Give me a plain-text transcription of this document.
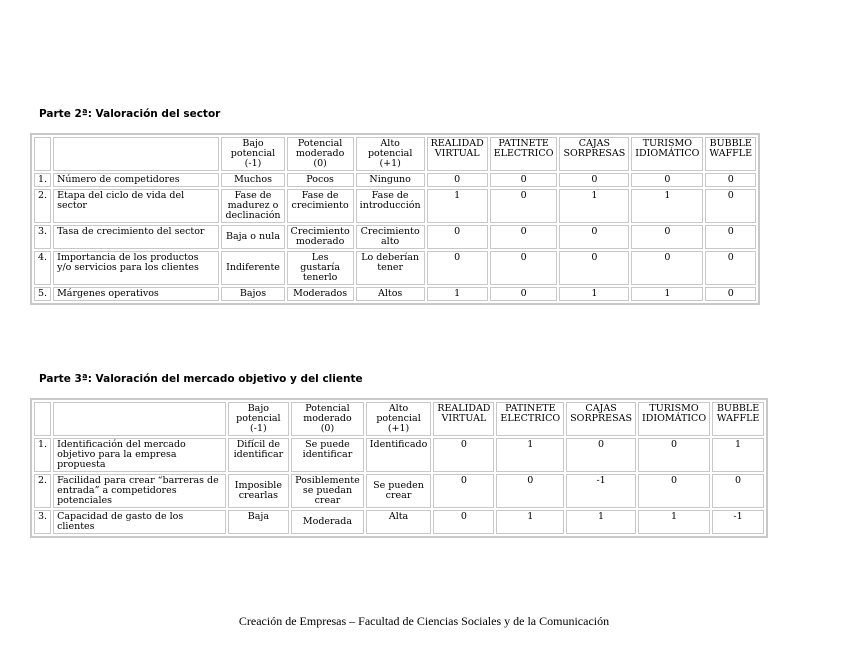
Parte 2ª: Valoración del sector
		Bajo potencial (-1)	Potencial moderado (0)	Alto potencial (+1)	REALIDAD VIRTUAL	PATINETE ELECTRICO	CAJAS SORPRESAS	TURISMO IDIOMÁTICO	BUBBLE WAFFLE
1.	Número de competidores	Muchos	Pocos	Ninguno	0	0	0	0	0
2.	Etapa del ciclo de vida del sector	Fase de madurez o declinación	Fase de crecimiento	Fase de introducción	1	0	1	1	0
3.	Tasa de crecimiento del sector	Baja o nula	Crecimiento moderado	Crecimiento alto	0	0	0	0	0
4.	Importancia de los productos y/o servicios para los clientes	Indiferente	Les gustaría tenerlo	Lo deberían tener	0	0	0	0	0
5.	Márgenes operativos	Bajos	Moderados	Altos	1	0	1	1	0
Parte 3ª: Valoración del mercado objetivo y del cliente
		Bajo potencial (-1)	Potencial moderado (0)	Alto potencial (+1)	REALIDAD VIRTUAL	PATINETE ELECTRICO	CAJAS SORPRESAS	TURISMO IDIOMÁTICO	BUBBLE WAFFLE
1.	Identificación del mercado objetivo para la empresa propuesta	Difícil de identificar	Se puede identificar	Identificado	0	1	0	0	1
2.	Facilidad para crear “barreras de entrada” a competidores potenciales	Imposible crearlas	Posiblemente se puedan crear	Se pueden crear	0	0	-1	0	0
3.	Capacidad de gasto de los clientes	Baja	Moderada	Alta	0	1	1	1	-1
Creación de Empresas – Facultad de Ciencias Sociales y de la Comunicación
